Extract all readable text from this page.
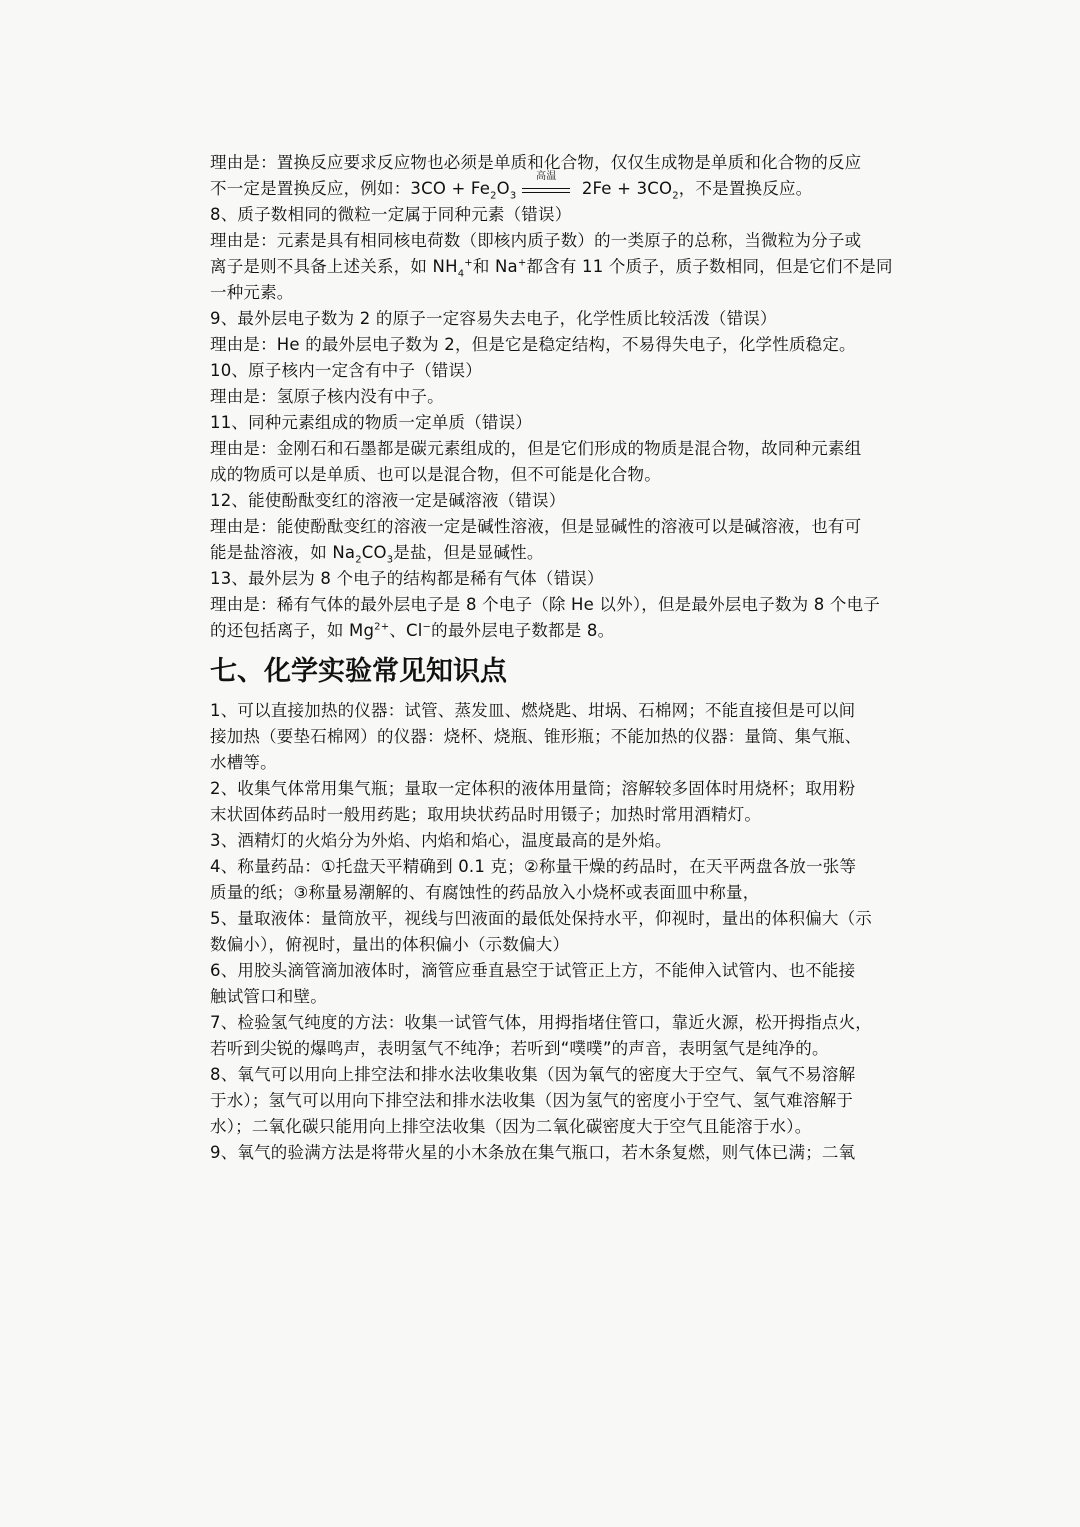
理由是：置换反应要求反应物也必须是单质和化合物，仅仅生成物是单质和化合物的反应
不一定是置换反应，例如：$3CO + Fe_2O_3$
高温
$2Fe + 3CO_2$，不是置换反应。
8、质子数相同的微粒一定属于同种元素（错误）
理由是：元素是具有相同核电荷数（即核内质子数）的一类原子的总称，当微粒为分子或
离子是则不具备上述关系，如 $NH_4^+$和 Na+都含有 11 个质子，质子数相同，但是它们不是同
一种元素。
9、最外层电子数为 2 的原子一定容易失去电子，化学性质比较活泼（错误）
理由是：He 的最外层电子数为 2，但是它是稳定结构，不易得失电子，化学性质稳定。
10、原子核内一定含有中子（错误）
理由是：氢原子核内没有中子。
11、同种元素组成的物质一定单质（错误）
理由是：金刚石和石墨都是碳元素组成的，但是它们形成的物质是混合物，故同种元素组
成的物质可以是单质、也可以是混合物，但不可能是化合物。
12、能使酚酞变红的溶液一定是碱溶液（错误）
理由是：能使酚酞变红的溶液一定是碱性溶液，但是显碱性的溶液可以是碱溶液，也有可
能是盐溶液，如 $Na_2CO_3$是盐，但是显碱性。
13、最外层为 8 个电子的结构都是稀有气体（错误）
理由是：稀有气体的最外层电子是 8 个电子（除 He 以外），但是最外层电子数为 8 个电子
的还包括离子，如 $Mg^{2+}$、Cl−的最外层电子数都是 8。
七、化学实验常见知识点
1、可以直接加热的仪器：试管、蒸发皿、燃烧匙、坩埚、石棉网；不能直接但是可以间
接加热（要垫石棉网）的仪器：烧杯、烧瓶、锥形瓶；不能加热的仪器：量筒、集气瓶、
水槽等。
2、收集气体常用集气瓶；量取一定体积的液体用量筒；溶解较多固体时用烧杯；取用粉
末状固体药品时一般用药匙；取用块状药品时用镊子；加热时常用酒精灯。
3、酒精灯的火焰分为外焰、内焰和焰心，温度最高的是外焰。
4、称量药品：①托盘天平精确到 0.1 克；②称量干燥的药品时，在天平两盘各放一张等
质量的纸；③称量易潮解的、有腐蚀性的药品放入小烧杯或表面皿中称量，
5、量取液体：量筒放平，视线与凹液面的最低处保持水平，仰视时，量出的体积偏大（示
数偏小），俯视时，量出的体积偏小（示数偏大）
6、用胶头滴管滴加液体时，滴管应垂直悬空于试管正上方，不能伸入试管内、也不能接
触试管口和壁。
7、检验氢气纯度的方法：收集一试管气体，用拇指堵住管口，靠近火源，松开拇指点火，
若听到尖锐的爆鸣声，表明氢气不纯净；若听到“噗噗”的声音，表明氢气是纯净的。
8、氧气可以用向上排空法和排水法收集收集（因为氧气的密度大于空气、氧气不易溶解
于水）；氢气可以用向下排空法和排水法收集（因为氢气的密度小于空气、氢气难溶解于
水）；二氧化碳只能用向上排空法收集（因为二氧化碳密度大于空气且能溶于水）。
9、氧气的验满方法是将带火星的小木条放在集气瓶口，若木条复燃，则气体已满；二氧
